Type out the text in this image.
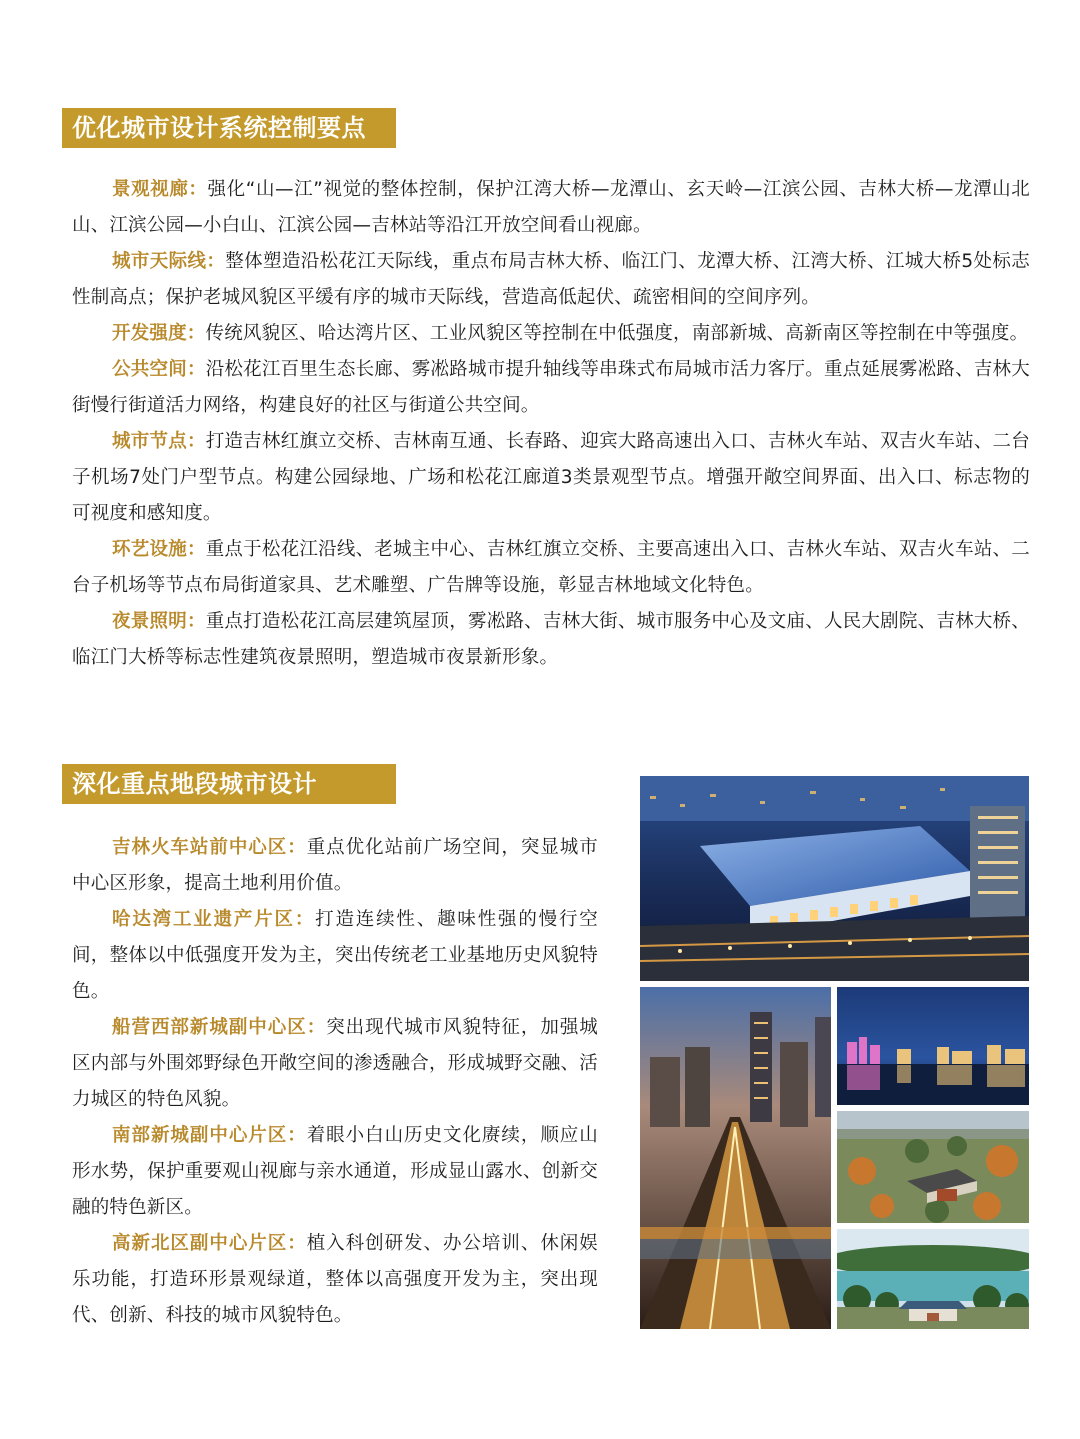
优化城市设计系统控制要点

景观视廊：强化“山—江”视觉的整体控制，保护江湾大桥—龙潭山、玄天岭—江滨公园、吉林大桥—龙潭山北山、江滨公园—小白山、江滨公园—吉林站等沿江开放空间看山视廊。

城市天际线：整体塑造沿松花江天际线，重点布局吉林大桥、临江门、龙潭大桥、江湾大桥、江城大桥5处标志性制高点；保护老城风貌区平缓有序的城市天际线，营造高低起伏、疏密相间的空间序列。

开发强度：传统风貌区、哈达湾片区、工业风貌区等控制在中低强度，南部新城、高新南区等控制在中等强度。

公共空间：沿松花江百里生态长廊、雾凇路城市提升轴线等串珠式布局城市活力客厅。重点延展雾凇路、吉林大街慢行街道活力网络，构建良好的社区与街道公共空间。

城市节点：打造吉林红旗立交桥、吉林南互通、长春路、迎宾大路高速出入口、吉林火车站、双吉火车站、二台子机场7处门户型节点。构建公园绿地、广场和松花江廊道3类景观型节点。增强开敞空间界面、出入口、标志物的可视度和感知度。

环艺设施：重点于松花江沿线、老城主中心、吉林红旗立交桥、主要高速出入口、吉林火车站、双吉火车站、二台子机场等节点布局街道家具、艺术雕塑、广告牌等设施，彰显吉林地域文化特色。

夜景照明：重点打造松花江高层建筑屋顶，雾凇路、吉林大街、城市服务中心及文庙、人民大剧院、吉林大桥、临江门大桥等标志性建筑夜景照明，塑造城市夜景新形象。

深化重点地段城市设计

吉林火车站前中心区：重点优化站前广场空间，突显城市中心区形象，提高土地利用价值。

哈达湾工业遗产片区：打造连续性、趣味性强的慢行空间，整体以中低强度开发为主，突出传统老工业基地历史风貌特色。

船营西部新城副中心区：突出现代城市风貌特征，加强城区内部与外围郊野绿色开敞空间的渗透融合，形成城野交融、活力城区的特色风貌。

南部新城副中心片区：着眼小白山历史文化赓续，顺应山形水势，保护重要观山视廊与亲水通道，形成显山露水、创新交融的特色新区。

高新北区副中心片区：植入科创研发、办公培训、休闲娱乐功能，打造环形景观绿道，整体以高强度开发为主，突出现代、创新、科技的城市风貌特色。
